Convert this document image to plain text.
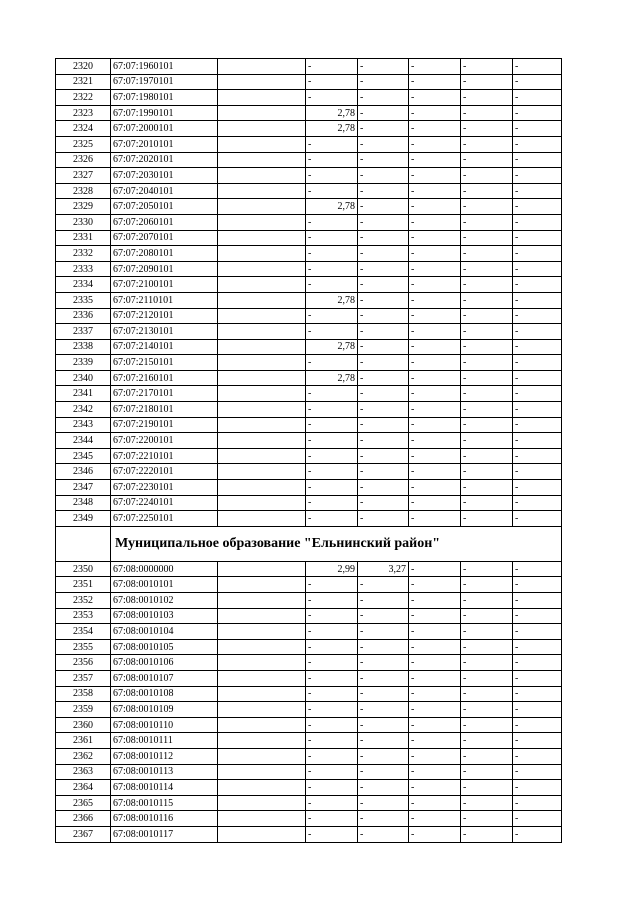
2320	67:07:1960101		-	-	-	-	-
2321	67:07:1970101		-	-	-	-	-
2322	67:07:1980101		-	-	-	-	-
2323	67:07:1990101		2,78	-	-	-	-
2324	67:07:2000101		2,78	-	-	-	-
2325	67:07:2010101		-	-	-	-	-
2326	67:07:2020101		-	-	-	-	-
2327	67:07:2030101		-	-	-	-	-
2328	67:07:2040101		-	-	-	-	-
2329	67:07:2050101		2,78	-	-	-	-
2330	67:07:2060101		-	-	-	-	-
2331	67:07:2070101		-	-	-	-	-
2332	67:07:2080101		-	-	-	-	-
2333	67:07:2090101		-	-	-	-	-
2334	67:07:2100101		-	-	-	-	-
2335	67:07:2110101		2,78	-	-	-	-
2336	67:07:2120101		-	-	-	-	-
2337	67:07:2130101		-	-	-	-	-
2338	67:07:2140101		2,78	-	-	-	-
2339	67:07:2150101		-	-	-	-	-
2340	67:07:2160101		2,78	-	-	-	-
2341	67:07:2170101		-	-	-	-	-
2342	67:07:2180101		-	-	-	-	-
2343	67:07:2190101		-	-	-	-	-
2344	67:07:2200101		-	-	-	-	-
2345	67:07:2210101		-	-	-	-	-
2346	67:07:2220101		-	-	-	-	-
2347	67:07:2230101		-	-	-	-	-
2348	67:07:2240101		-	-	-	-	-
2349	67:07:2250101		-	-	-	-	-
	Муниципальное образование "Ельнинский район"						
2350	67:08:0000000		2,99	3,27	-	-	-
2351	67:08:0010101		-	-	-	-	-
2352	67:08:0010102		-	-	-	-	-
2353	67:08:0010103		-	-	-	-	-
2354	67:08:0010104		-	-	-	-	-
2355	67:08:0010105		-	-	-	-	-
2356	67:08:0010106		-	-	-	-	-
2357	67:08:0010107		-	-	-	-	-
2358	67:08:0010108		-	-	-	-	-
2359	67:08:0010109		-	-	-	-	-
2360	67:08:0010110		-	-	-	-	-
2361	67:08:0010111		-	-	-	-	-
2362	67:08:0010112		-	-	-	-	-
2363	67:08:0010113		-	-	-	-	-
2364	67:08:0010114		-	-	-	-	-
2365	67:08:0010115		-	-	-	-	-
2366	67:08:0010116		-	-	-	-	-
2367	67:08:0010117		-	-	-	-	-
